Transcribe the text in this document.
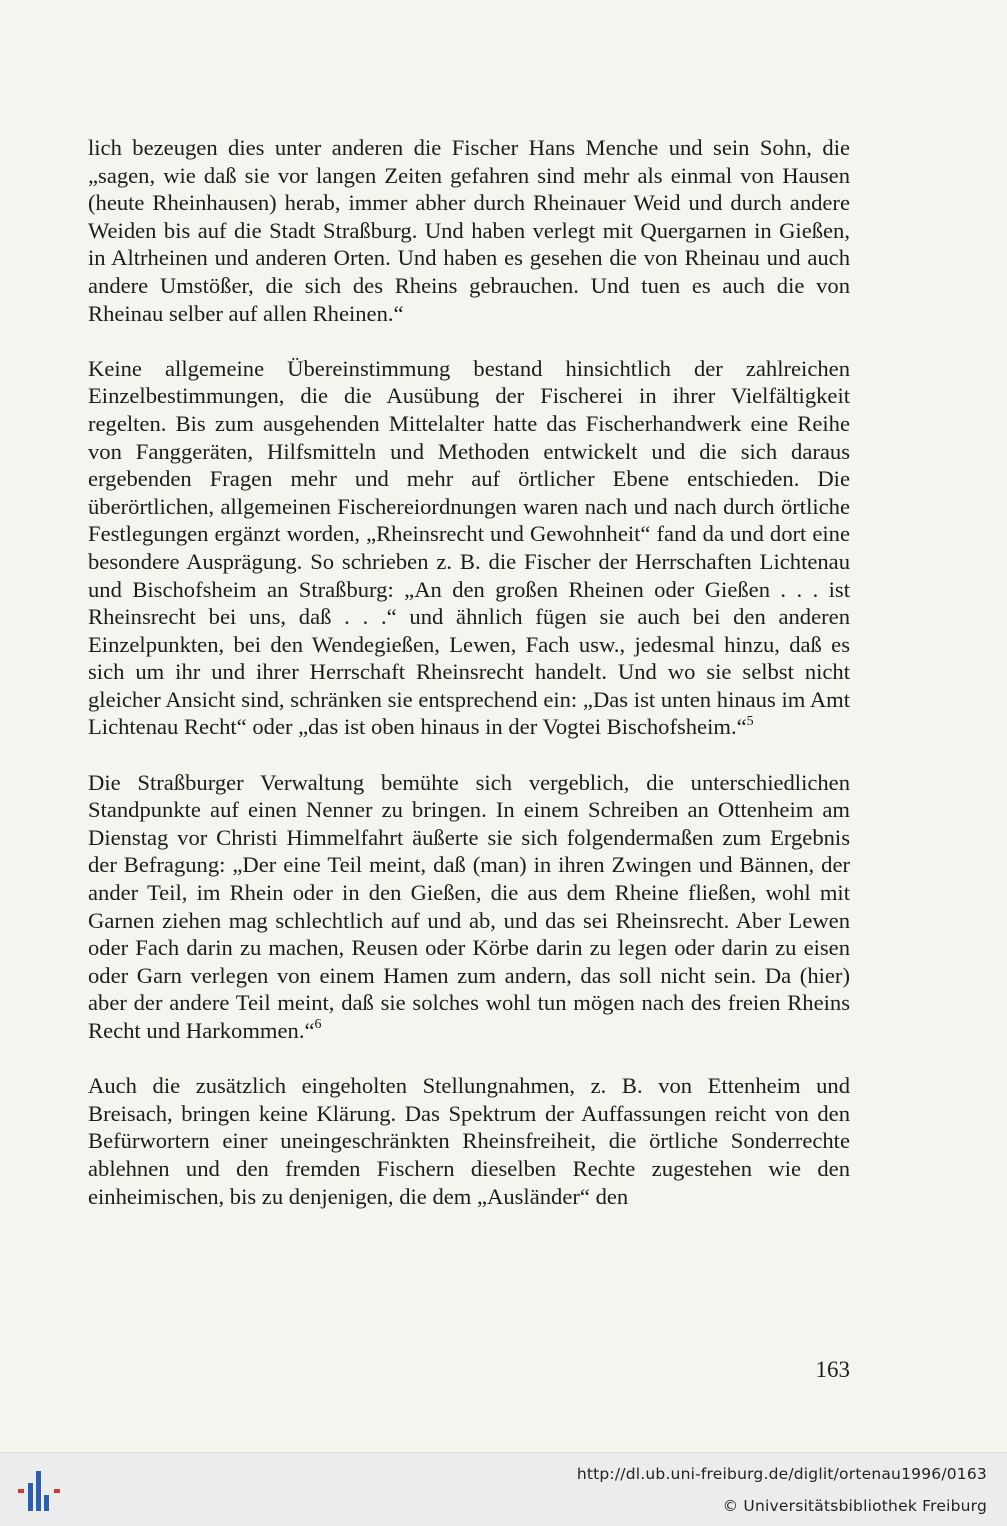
lich bezeugen dies unter anderen die Fischer Hans Menche und sein Sohn, die „sagen, wie daß sie vor langen Zeiten gefahren sind mehr als einmal von Hausen (heute Rheinhausen) herab, immer abher durch Rheinauer Weid und durch andere Weiden bis auf die Stadt Straßburg. Und haben verlegt mit Quergarnen in Gießen, in Altrheinen und anderen Orten. Und haben es gesehen die von Rheinau und auch andere Umstößer, die sich des Rheins gebrauchen. Und tuen es auch die von Rheinau selber auf allen Rheinen.“

Keine allgemeine Übereinstimmung bestand hinsichtlich der zahlreichen Einzelbestimmungen, die die Ausübung der Fischerei in ihrer Vielfältigkeit regelten. Bis zum ausgehenden Mittelalter hatte das Fischerhandwerk eine Reihe von Fanggeräten, Hilfsmitteln und Methoden entwickelt und die sich daraus ergebenden Fragen mehr und mehr auf örtlicher Ebene entschieden. Die überörtlichen, allgemeinen Fischereiordnungen waren nach und nach durch örtliche Festlegungen ergänzt worden, „Rheinsrecht und Gewohnheit“ fand da und dort eine besondere Ausprägung. So schrieben z. B. die Fischer der Herrschaften Lichtenau und Bischofsheim an Straßburg: „An den großen Rheinen oder Gießen . . . ist Rheinsrecht bei uns, daß . . .“ und ähnlich fügen sie auch bei den anderen Einzelpunkten, bei den Wendegießen, Lewen, Fach usw., jedesmal hinzu, daß es sich um ihr und ihrer Herrschaft Rheinsrecht handelt. Und wo sie selbst nicht gleicher Ansicht sind, schränken sie entsprechend ein: „Das ist unten hinaus im Amt Lichtenau Recht“ oder „das ist oben hinaus in der Vogtei Bischofsheim.“$^5$

Die Straßburger Verwaltung bemühte sich vergeblich, die unterschiedlichen Standpunkte auf einen Nenner zu bringen. In einem Schreiben an Ottenheim am Dienstag vor Christi Himmelfahrt äußerte sie sich folgendermaßen zum Ergebnis der Befragung: „Der eine Teil meint, daß (man) in ihren Zwingen und Bännen, der ander Teil, im Rhein oder in den Gießen, die aus dem Rheine fließen, wohl mit Garnen ziehen mag schlechtlich auf und ab, und das sei Rheinsrecht. Aber Lewen oder Fach darin zu machen, Reusen oder Körbe darin zu legen oder darin zu eisen oder Garn verlegen von einem Hamen zum andern, das soll nicht sein. Da (hier) aber der andere Teil meint, daß sie solches wohl tun mögen nach des freien Rheins Recht und Harkommen.“$^6$

Auch die zusätzlich eingeholten Stellungnahmen, z. B. von Ettenheim und Breisach, bringen keine Klärung. Das Spektrum der Auffassungen reicht von den Befürwortern einer uneingeschränkten Rheinsfreiheit, die örtliche Sonderrechte ablehnen und den fremden Fischern dieselben Rechte zugestehen wie den einheimischen, bis zu denjenigen, die dem „Ausländer“ den

163
http://dl.ub.uni-freiburg.de/diglit/ortenau1996/0163
© Universitätsbibliothek Freiburg
